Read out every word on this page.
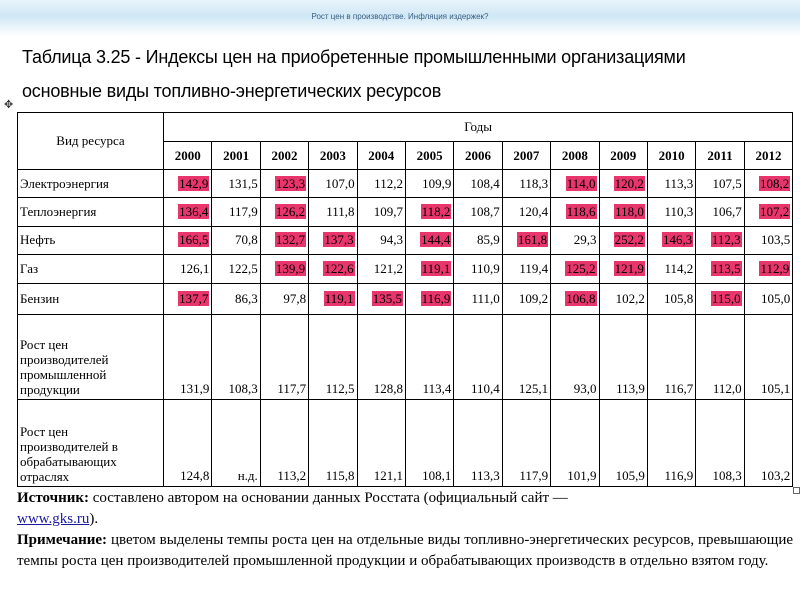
Рост цен в производстве. Инфляция издержек?
Таблица 3.25 - Индексы цен на приобретенные промышленными организациями
основные виды топливно-энергетических ресурсов
✥
Вид ресурса	Годы												
	2000	2001	2002	2003	2004	2005	2006	2007	2008	2009	2010	2011	2012
Электроэнергия	142,9	131,5	123,3	107,0	112,2	109,9	108,4	118,3	114,0	120,2	113,3	107,5	108,2
Теплоэнергия	136,4	117,9	126,2	111,8	109,7	118,2	108,7	120,4	118,6	118,0	110,3	106,7	107,2
Нефть	166,5	70,8	132,7	137,3	94,3	144,4	85,9	161,8	29,3	252,2	146,3	112,3	103,5
Газ	126,1	122,5	139,9	122,6	121,2	119,1	110,9	119,4	125,2	121,9	114,2	113,5	112,9
Бензин	137,7	86,3	97,8	119,1	135,5	116,9	111,0	109,2	106,8	102,2	105,8	115,0	105,0

Рост цен
производителей
промышленной
продукции	131,9	108,3	117,7	112,5	128,8	113,4	110,4	125,1	93,0	113,9	116,7	112,0	105,1

Рост цен
производителей в
обрабатывающих
отраслях	124,8	н.д.	113,2	115,8	121,1	108,1	113,3	117,9	101,9	105,9	116,9	108,3	103,2

Источник: составлено автором на основании данных Росстата (официальный сайт —
www.gks.ru).

Примечание: цветом выделены темпы роста цен на отдельные виды топливно-энергетических ресурсов, превышающие темпы роста цен производителей промышленной продукции и обрабатывающих производств в отдельно взятом году.
